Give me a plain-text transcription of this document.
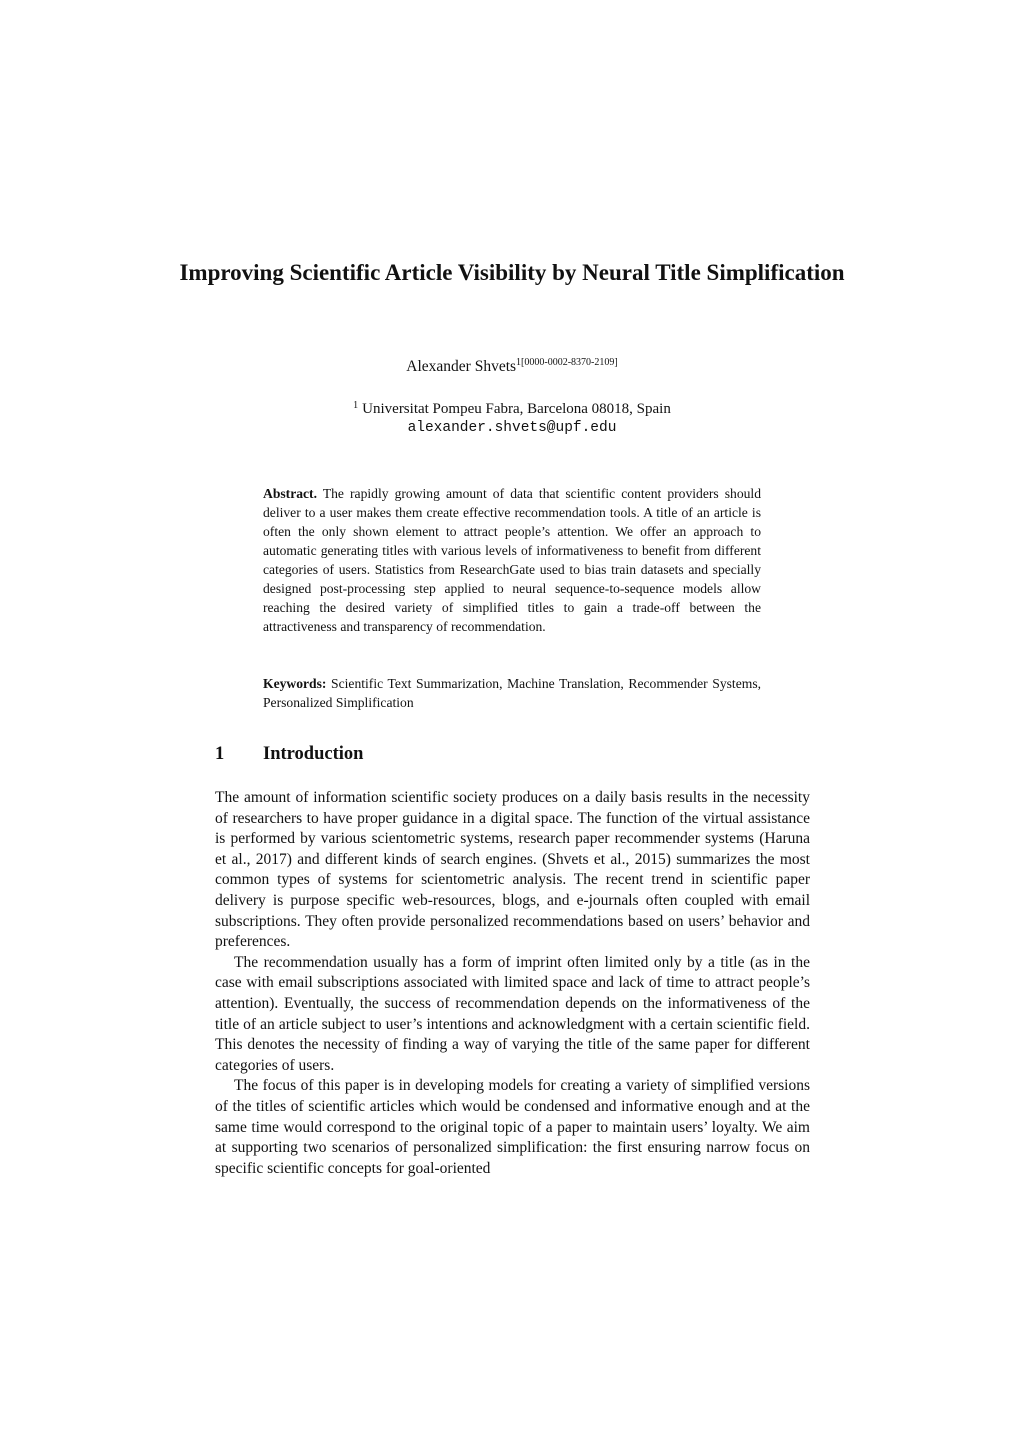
Improving Scientific Article Visibility by Neural Title Simplification
Alexander Shvets$^{1[0000-0002-8370-2109]}$
$^1$ Universitat Pompeu Fabra, Barcelona 08018, Spain
alexander.shvets@upf.edu
Abstract. The rapidly growing amount of data that scientific content providers should deliver to a user makes them create effective recommendation tools. A title of an article is often the only shown element to attract people’s attention. We offer an approach to automatic generating titles with various levels of informativeness to benefit from different categories of users. Statistics from ResearchGate used to bias train datasets and specially designed post-processing step applied to neural sequence-to-sequence models allow reaching the desired variety of simplified titles to gain a trade-off between the attractiveness and transparency of recommendation.
Keywords: Scientific Text Summarization, Machine Translation, Recommender Systems, Personalized Simplification
1 Introduction

The amount of information scientific society produces on a daily basis results in the necessity of researchers to have proper guidance in a digital space. The function of the virtual assistance is performed by various scientometric systems, research paper recommender systems (Haruna et al., 2017) and different kinds of search engines. (Shvets et al., 2015) summarizes the most common types of systems for scientometric analysis. The recent trend in scientific paper delivery is purpose specific web-resources, blogs, and e-journals often coupled with email subscriptions. They often provide personalized recommendations based on users’ behavior and preferences.

The recommendation usually has a form of imprint often limited only by a title (as in the case with email subscriptions associated with limited space and lack of time to attract people’s attention). Eventually, the success of recommendation depends on the informativeness of the title of an article subject to user’s intentions and acknowledgment with a certain scientific field. This denotes the necessity of finding a way of varying the title of the same paper for different categories of users.

The focus of this paper is in developing models for creating a variety of simplified versions of the titles of scientific articles which would be condensed and informative enough and at the same time would correspond to the original topic of a paper to maintain users’ loyalty. We aim at supporting two scenarios of personalized simplification: the first ensuring narrow focus on specific scientific concepts for goal-oriented
